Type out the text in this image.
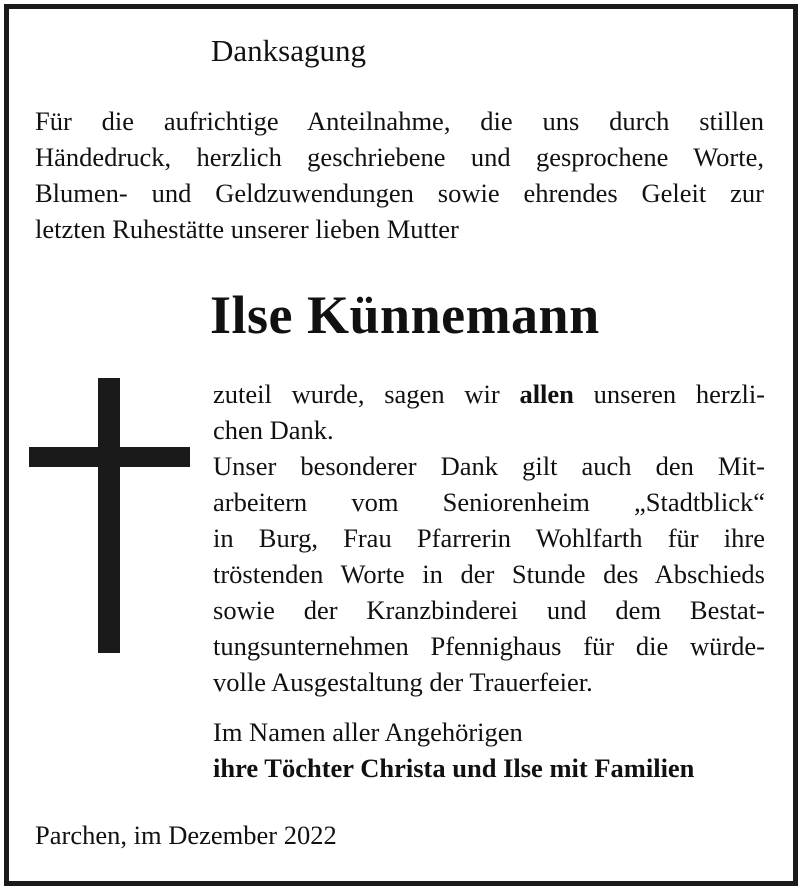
Danksagung
Für die aufrichtige Anteilnahme, die uns durch stillen
Händedruck, herzlich geschriebene und gesprochene Worte,
Blumen- und Geldzuwendungen sowie ehrendes Geleit zur
letzten Ruhestätte unserer lieben Mutter
Ilse Künnemann
zuteil wurde, sagen wir allen unseren herzli-
chen Dank.
Unser besonderer Dank gilt auch den Mit-
arbeitern vom Seniorenheim „Stadtblick“
in Burg, Frau Pfarrerin Wohlfarth für ihre
tröstenden Worte in der Stunde des Abschieds
sowie der Kranzbinderei und dem Bestat-
tungsunternehmen Pfennighaus für die würde-
volle Ausgestaltung der Trauerfeier.
Im Namen aller Angehörigen
ihre Töchter Christa und Ilse mit Familien
Parchen, im Dezember 2022
